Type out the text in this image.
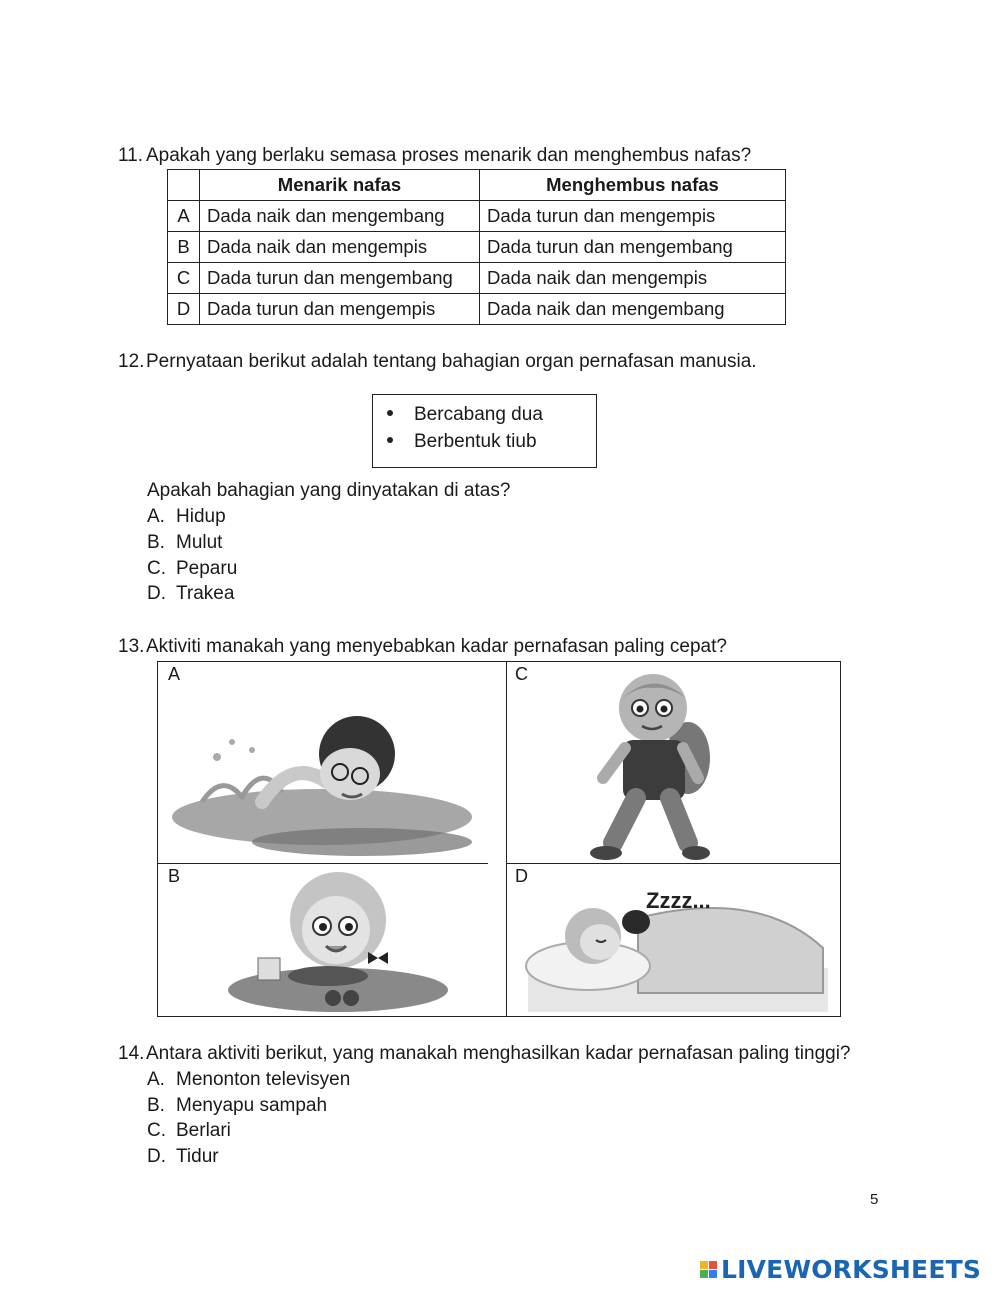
11. Apakah yang berlaku semasa proses menarik dan menghembus nafas?
	Menarik nafas	Menghembus nafas
A	Dada naik dan mengembang	Dada turun dan mengempis
B	Dada naik dan mengempis	Dada turun dan mengembang
C	Dada turun dan mengembang	Dada naik dan mengempis
D	Dada turun dan mengempis	Dada naik dan mengembang
12.Pernyataan berikut adalah tentang bahagian organ pernafasan manusia.
Bercabang dua
Berbentuk tiub
Apakah bahagian yang dinyatakan di atas?
A. Hidup
B. Mulut
C. Peparu
D. Trakea
13.Aktiviti manakah yang menyebabkan kadar pernafasan paling cepat?
A	C
B	D
Zzzz...
14.Antara aktiviti berikut, yang manakah menghasilkan kadar pernafasan paling tinggi?
A. Menonton televisyen
B. Menyapu sampah
C. Berlari
D. Tidur
5
LIVEWORKSHEETS
